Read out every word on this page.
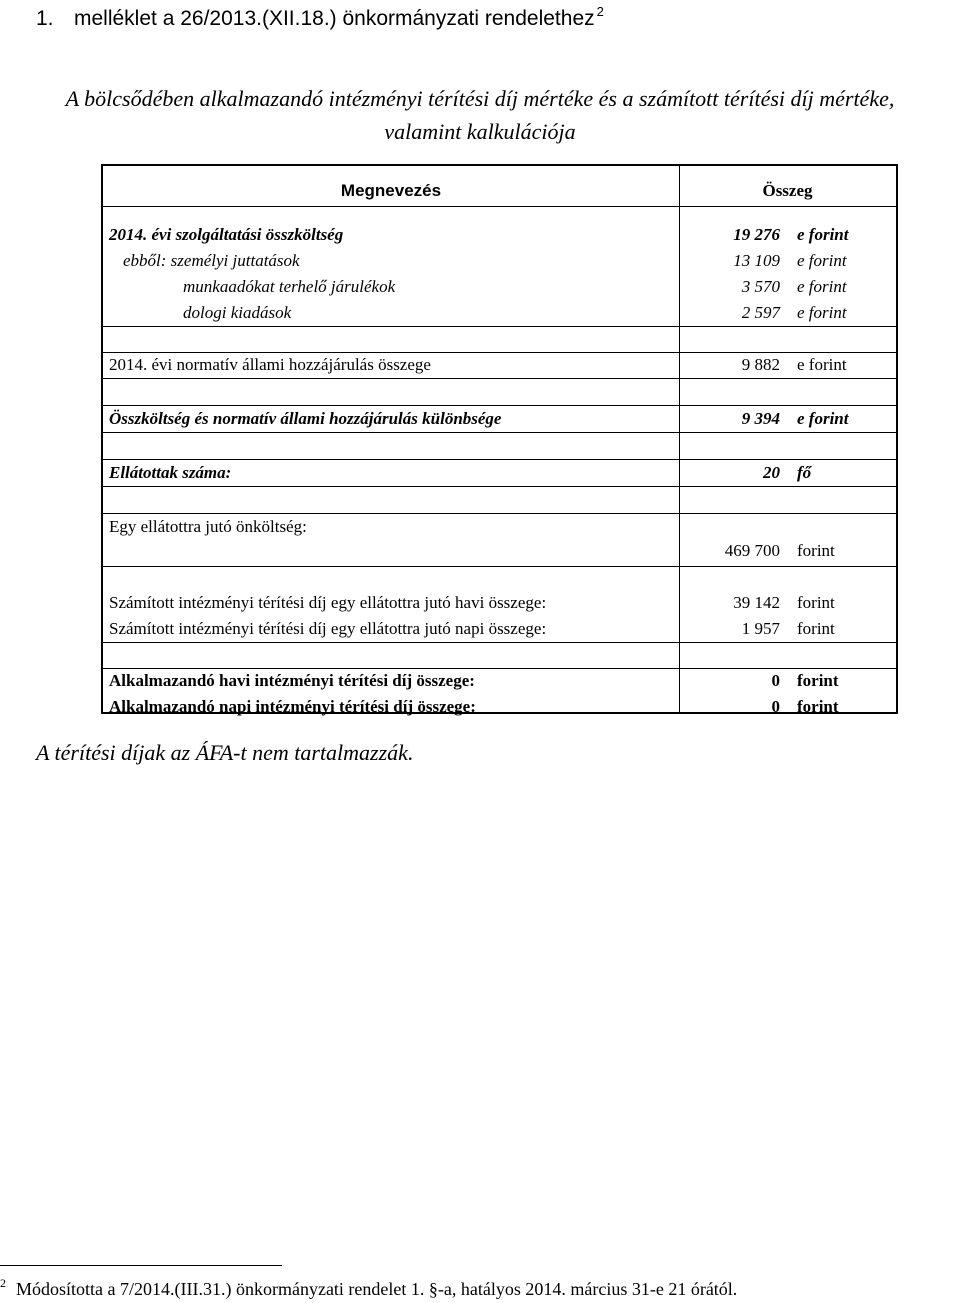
1. melléklet a 26/2013.(XII.18.) önkormányzati rendelethez $^2$
A bölcsődében alkalmazandó intézményi térítési díj mértéke és a számított térítési díj mértéke,
valamint kalkulációja
Megnevezés	Összeg
2014. évi szolgáltatási összköltség	19 276 e forint
ebből: személyi juttatások	13 109 e forint
munkaadókat terhelő járulékok	3 570 e forint
dologi kiadások	2 597 e forint
2014. évi normatív állami hozzájárulás összege	9 882 e forint
Összköltség és normatív állami hozzájárulás különbsége	9 394 e forint
Ellátottak száma:	20 fő
Egy ellátottra jutó önköltség:
469 700 forint
Számított intézményi térítési díj egy ellátottra jutó havi összege:	39 142 forint
Számított intézményi térítési díj egy ellátottra jutó napi összege:	1 957 forint
Alkalmazandó havi intézményi térítési díj összege:	0 forint
Alkalmazandó napi intézményi térítési díj összege:	0 forint
A térítési díjak az ÁFA-t nem tartalmazzák.
$^2$ Módosította a 7/2014.(III.31.) önkormányzati rendelet 1. §-a, hatályos 2014. március 31-e 21 órától.
